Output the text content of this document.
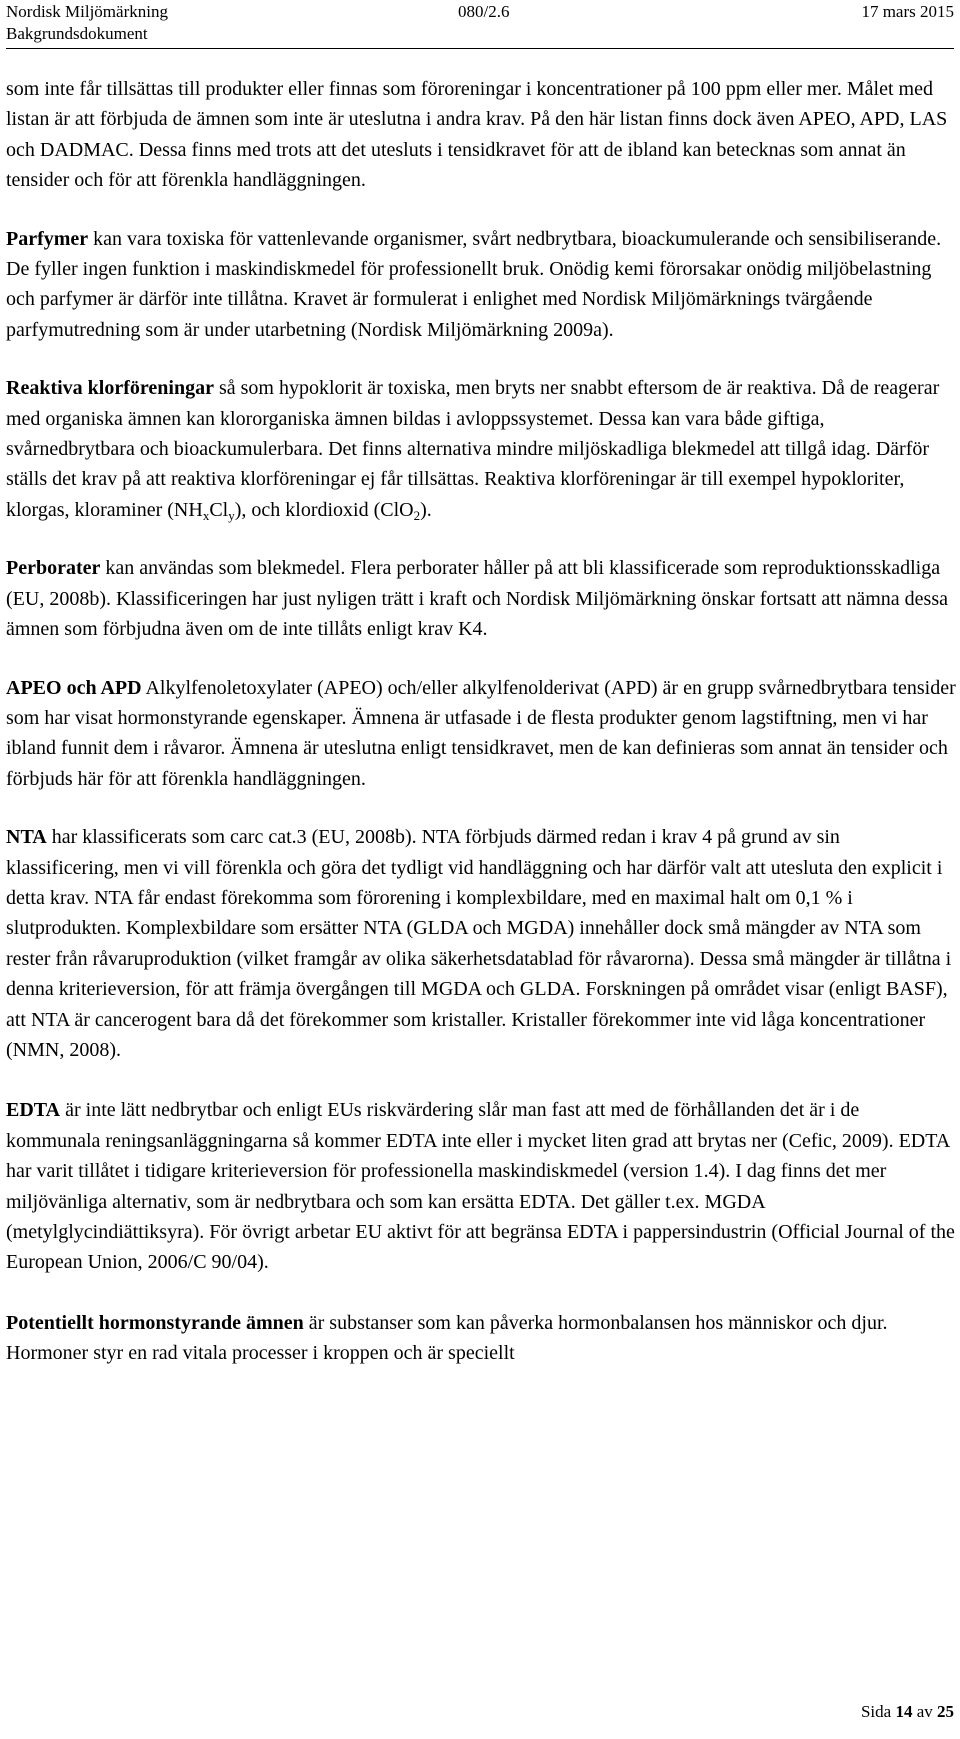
Nordisk Miljömärkning
Bakgrundsdokument
080/2.6	17 mars 2015

som inte får tillsättas till produkter eller finnas som föroreningar i koncentrationer på 100 ppm eller mer. Målet med listan är att förbjuda de ämnen som inte är uteslutna i andra krav. På den här listan finns dock även APEO, APD, LAS och DADMAC. Dessa finns med trots att det utesluts i tensidkravet för att de ibland kan betecknas som annat än tensider och för att förenkla handläggningen.

Parfymer kan vara toxiska för vattenlevande organismer, svårt nedbrytbara, bioackumulerande och sensibiliserande. De fyller ingen funktion i maskindiskmedel för professionellt bruk. Onödig kemi förorsakar onödig miljöbelastning och parfymer är därför inte tillåtna. Kravet är formulerat i enlighet med Nordisk Miljömärknings tvärgående parfymutredning som är under utarbetning (Nordisk Miljömärkning 2009a).

Reaktiva klorföreningar så som hypoklorit är toxiska, men bryts ner snabbt eftersom de är reaktiva. Då de reagerar med organiska ämnen kan klororganiska ämnen bildas i avloppssystemet. Dessa kan vara både giftiga, svårnedbrytbara och bioackumulerbara. Det finns alternativa mindre miljöskadliga blekmedel att tillgå idag. Därför ställs det krav på att reaktiva klorföreningar ej får tillsättas. Reaktiva klorföreningar är till exempel hypokloriter, klorgas, kloraminer $(NH_xCl_y)$, och klordioxid (ClO$_2$).

Perborater kan användas som blekmedel. Flera perborater håller på att bli klassificerade som reproduktionsskadliga (EU, 2008b). Klassificeringen har just nyligen trätt i kraft och Nordisk Miljömärkning önskar fortsatt att nämna dessa ämnen som förbjudna även om de inte tillåts enligt krav K4.

APEO och APD Alkylfenoletoxylater (APEO) och/eller alkylfenolderivat (APD) är en grupp svårnedbrytbara tensider som har visat hormonstyrande egenskaper. Ämnena är utfasade i de flesta produkter genom lagstiftning, men vi har ibland funnit dem i råvaror. Ämnena är uteslutna enligt tensidkravet, men de kan definieras som annat än tensider och förbjuds här för att förenkla handläggningen.

NTA har klassificerats som carc cat.3 (EU, 2008b). NTA förbjuds därmed redan i krav 4 på grund av sin klassificering, men vi vill förenkla och göra det tydligt vid handläggning och har därför valt att utesluta den explicit i detta krav. NTA får endast förekomma som förorening i komplexbildare, med en maximal halt om 0,1 % i slutprodukten. Komplexbildare som ersätter NTA (GLDA och MGDA) innehåller dock små mängder av NTA som rester från råvaruproduktion (vilket framgår av olika säkerhetsdatablad för råvarorna). Dessa små mängder är tillåtna i denna kriterieversion, för att främja övergången till MGDA och GLDA. Forskningen på området visar (enligt BASF), att NTA är cancerogent bara då det förekommer som kristaller. Kristaller förekommer inte vid låga koncentrationer (NMN, 2008).

EDTA är inte lätt nedbrytbar och enligt EUs riskvärdering slår man fast att med de förhållanden det är i de kommunala reningsanläggningarna så kommer EDTA inte eller i mycket liten grad att brytas ner (Cefic, 2009). EDTA har varit tillåtet i tidigare kriterieversion för professionella maskindiskmedel (version 1.4). I dag finns det mer miljövänliga alternativ, som är nedbrytbara och som kan ersätta EDTA. Det gäller t.ex. MGDA (metylglycindiättiksyra). För övrigt arbetar EU aktivt för att begränsa EDTA i pappersindustrin (Official Journal of the European Union, 2006/C 90/04).

Potentiellt hormonstyrande ämnen är substanser som kan påverka hormonbalansen hos människor och djur. Hormoner styr en rad vitala processer i kroppen och är speciellt

Sida 14 av 25
